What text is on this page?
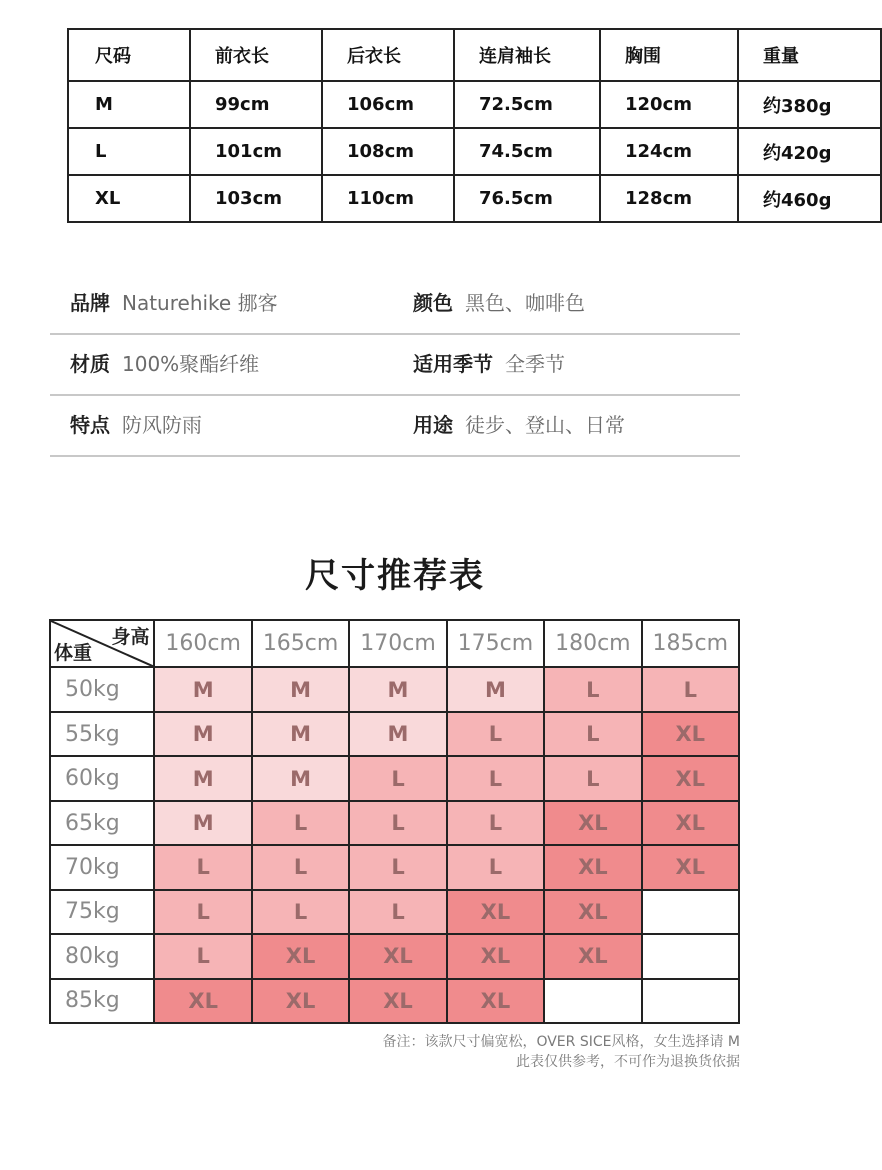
尺码	前衣长	后衣长	连肩袖长	胸围	重量
M	99cm	106cm	72.5cm	120cm	约380g
L	101cm	108cm	74.5cm	124cm	约420g
XL	103cm	110cm	76.5cm	128cm	约460g
品牌 Naturehike 挪客	颜色 黑色、咖啡色
材质 100%聚酯纤维	适用季节 全季节
特点 防风防雨	用途 徒步、登山、日常
尺寸推荐表
身高
体重	160cm	165cm	170cm	175cm	180cm	185cm
50kg	M	M	M	M	L	L
55kg	M	M	M	L	L	XL
60kg	M	M	L	L	L	XL
65kg	M	L	L	L	XL	XL
70kg	L	L	L	L	XL	XL
75kg	L	L	L	XL	XL	
80kg	L	XL	XL	XL	XL	
85kg	XL	XL	XL	XL		
备注：该款尺寸偏宽松，OVER SICE风格，女生选择请 M
此表仅供参考，不可作为退换货依据
